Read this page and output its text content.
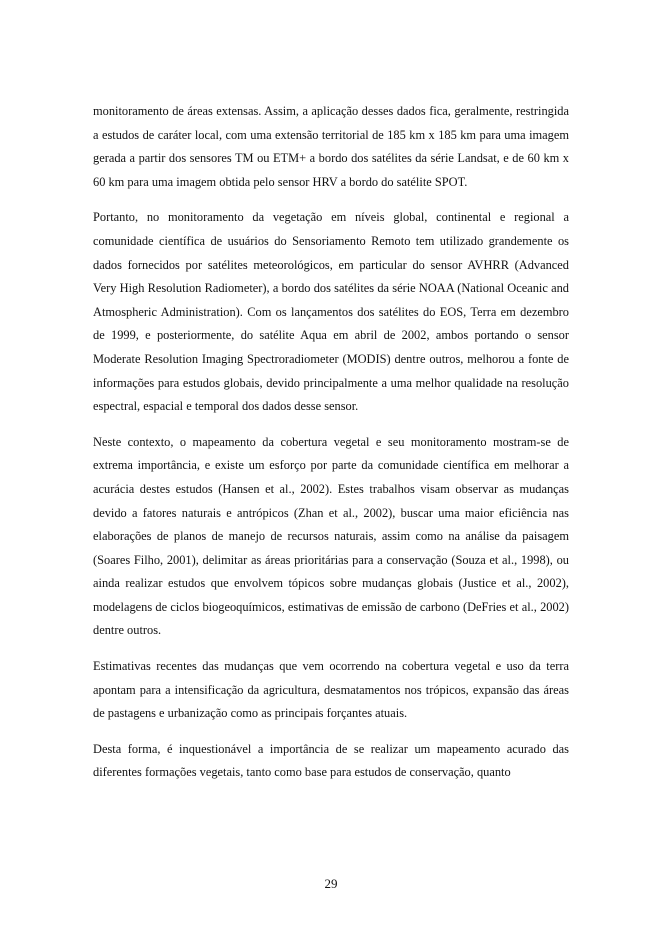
monitoramento de áreas extensas. Assim, a aplicação desses dados fica, geralmente, restringida a estudos de caráter local, com uma extensão territorial de 185 km x 185 km para uma imagem gerada a partir dos sensores TM ou ETM+ a bordo dos satélites da série Landsat, e de 60 km x 60 km para uma imagem obtida pelo sensor HRV a bordo do satélite SPOT.

Portanto, no monitoramento da vegetação em níveis global, continental e regional a comunidade científica de usuários do Sensoriamento Remoto tem utilizado grandemente os dados fornecidos por satélites meteorológicos, em particular do sensor AVHRR (Advanced Very High Resolution Radiometer), a bordo dos satélites da série NOAA (National Oceanic and Atmospheric Administration). Com os lançamentos dos satélites do EOS, Terra em dezembro de 1999, e posteriormente, do satélite Aqua em abril de 2002, ambos portando o sensor Moderate Resolution Imaging Spectroradiometer (MODIS) dentre outros, melhorou a fonte de informações para estudos globais, devido principalmente a uma melhor qualidade na resolução espectral, espacial e temporal dos dados desse sensor.

Neste contexto, o mapeamento da cobertura vegetal e seu monitoramento mostram-se de extrema importância, e existe um esforço por parte da comunidade científica em melhorar a acurácia destes estudos (Hansen et al., 2002). Estes trabalhos visam observar as mudanças devido a fatores naturais e antrópicos (Zhan et al., 2002), buscar uma maior eficiência nas elaborações de planos de manejo de recursos naturais, assim como na análise da paisagem (Soares Filho, 2001), delimitar as áreas prioritárias para a conservação (Souza et al., 1998), ou ainda realizar estudos que envolvem tópicos sobre mudanças globais (Justice et al., 2002), modelagens de ciclos biogeoquímicos, estimativas de emissão de carbono (DeFries et al., 2002) dentre outros.

Estimativas recentes das mudanças que vem ocorrendo na cobertura vegetal e uso da terra apontam para a intensificação da agricultura, desmatamentos nos trópicos, expansão das áreas de pastagens e urbanização como as principais forçantes atuais.

Desta forma, é inquestionável a importância de se realizar um mapeamento acurado das diferentes formações vegetais, tanto como base para estudos de conservação, quanto

29
